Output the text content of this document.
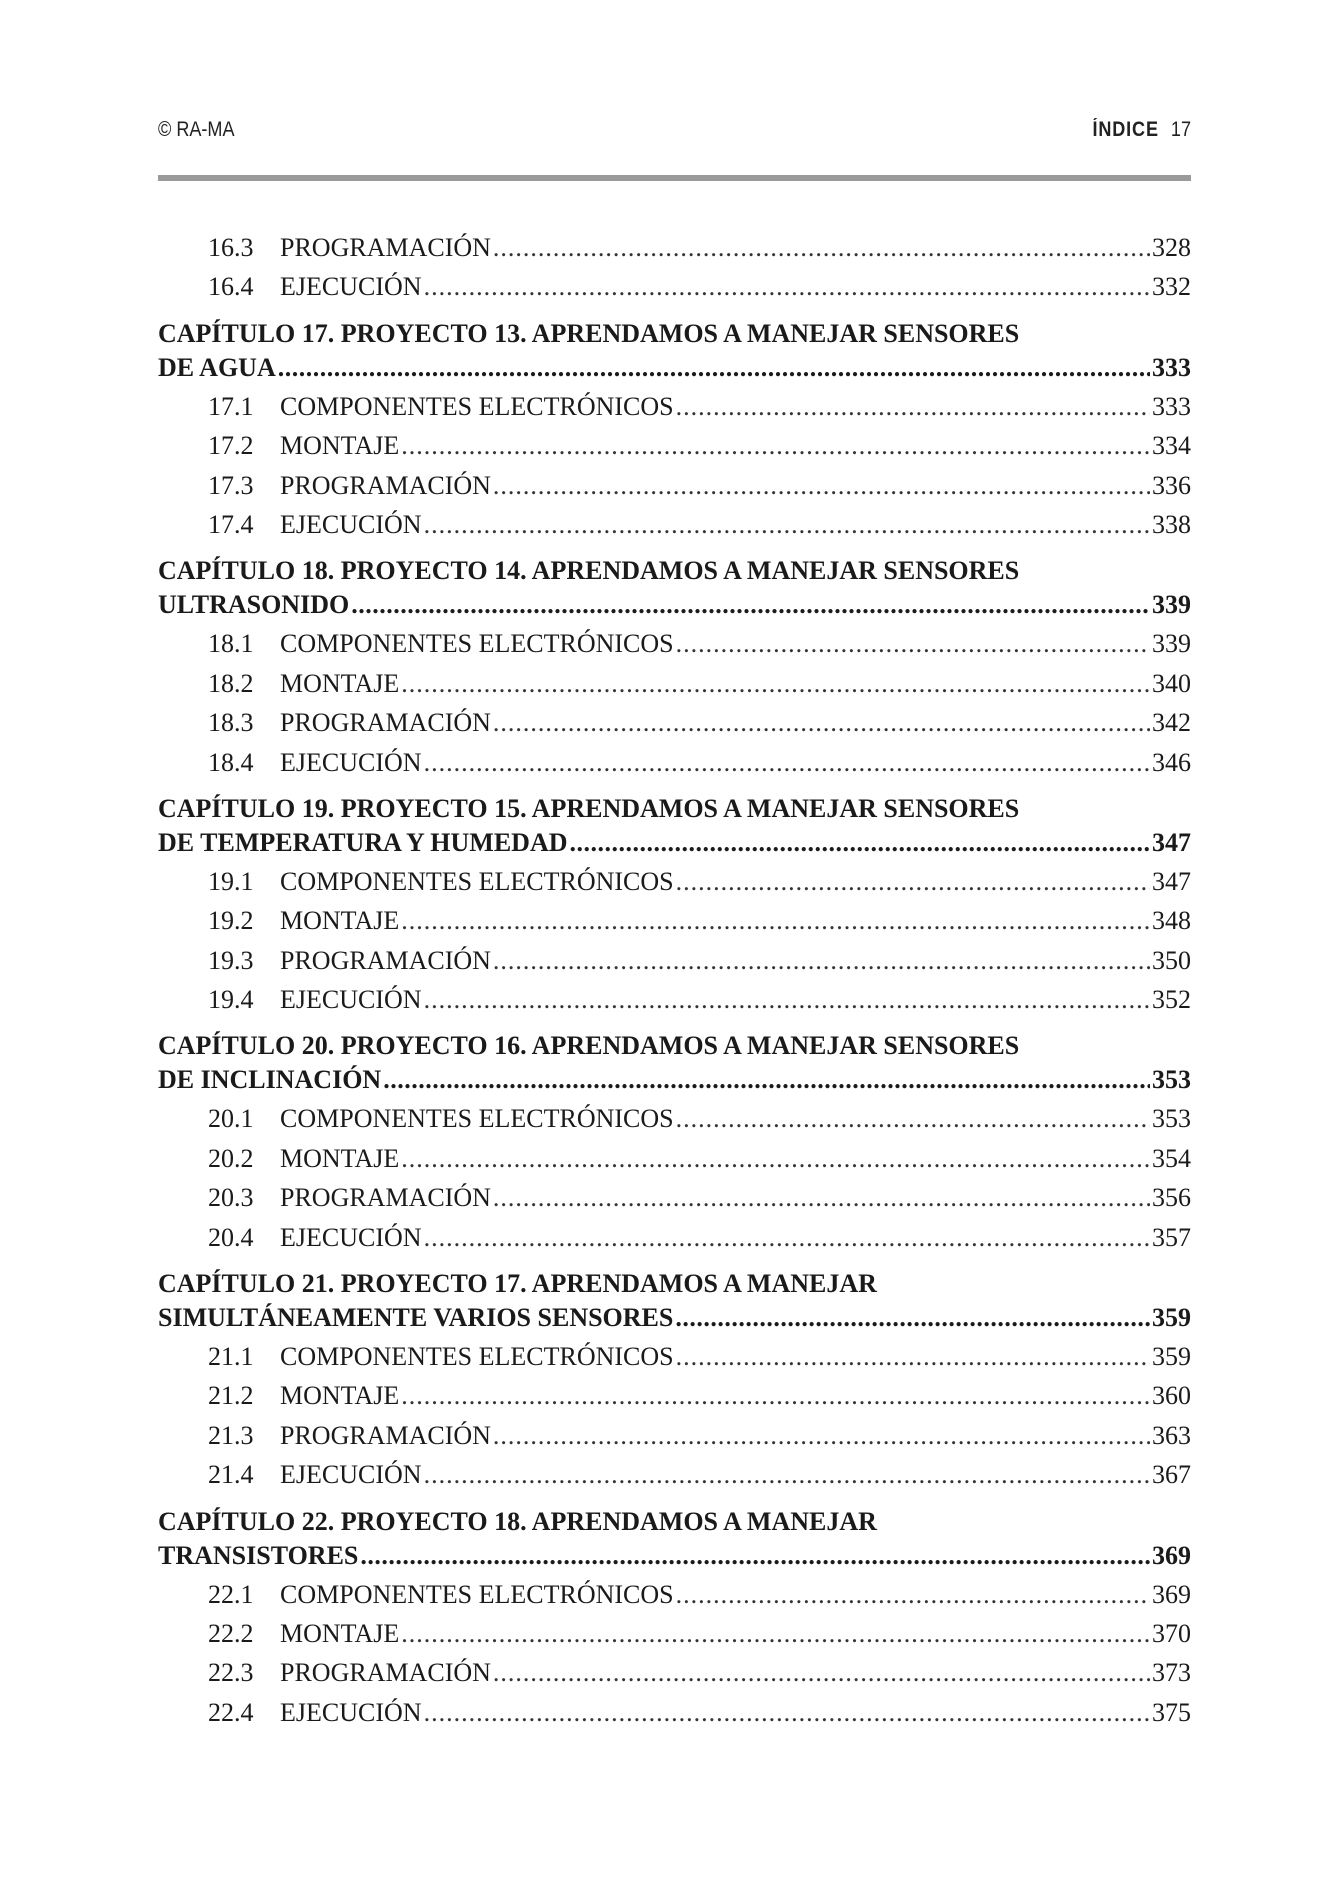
© RA-MA	ÍNDICE 17
16.3	PROGRAMACIÓN .....	328
16.4	EJECUCIÓN .....	332
CAPÍTULO 17. PROYECTO 13. APRENDAMOS A MANEJAR SENSORES
DE AGUA .....	333
17.1	COMPONENTES ELECTRÓNICOS .....	333
17.2	MONTAJE .....	334
17.3	PROGRAMACIÓN .....	336
17.4	EJECUCIÓN .....	338
CAPÍTULO 18. PROYECTO 14. APRENDAMOS A MANEJAR SENSORES
ULTRASONIDO .....	339
18.1	COMPONENTES ELECTRÓNICOS .....	339
18.2	MONTAJE .....	340
18.3	PROGRAMACIÓN .....	342
18.4	EJECUCIÓN .....	346
CAPÍTULO 19. PROYECTO 15. APRENDAMOS A MANEJAR SENSORES
DE TEMPERATURA Y HUMEDAD .....	347
19.1	COMPONENTES ELECTRÓNICOS .....	347
19.2	MONTAJE .....	348
19.3	PROGRAMACIÓN .....	350
19.4	EJECUCIÓN .....	352
CAPÍTULO 20. PROYECTO 16. APRENDAMOS A MANEJAR SENSORES
DE INCLINACIÓN .....	353
20.1	COMPONENTES ELECTRÓNICOS .....	353
20.2	MONTAJE .....	354
20.3	PROGRAMACIÓN .....	356
20.4	EJECUCIÓN .....	357
CAPÍTULO 21. PROYECTO 17. APRENDAMOS A MANEJAR
SIMULTÁNEAMENTE VARIOS SENSORES .....	359
21.1	COMPONENTES ELECTRÓNICOS .....	359
21.2	MONTAJE .....	360
21.3	PROGRAMACIÓN .....	363
21.4	EJECUCIÓN .....	367
CAPÍTULO 22. PROYECTO 18. APRENDAMOS A MANEJAR
TRANSISTORES .....	369
22.1	COMPONENTES ELECTRÓNICOS .....	369
22.2	MONTAJE .....	370
22.3	PROGRAMACIÓN .....	373
22.4	EJECUCIÓN .....	375
